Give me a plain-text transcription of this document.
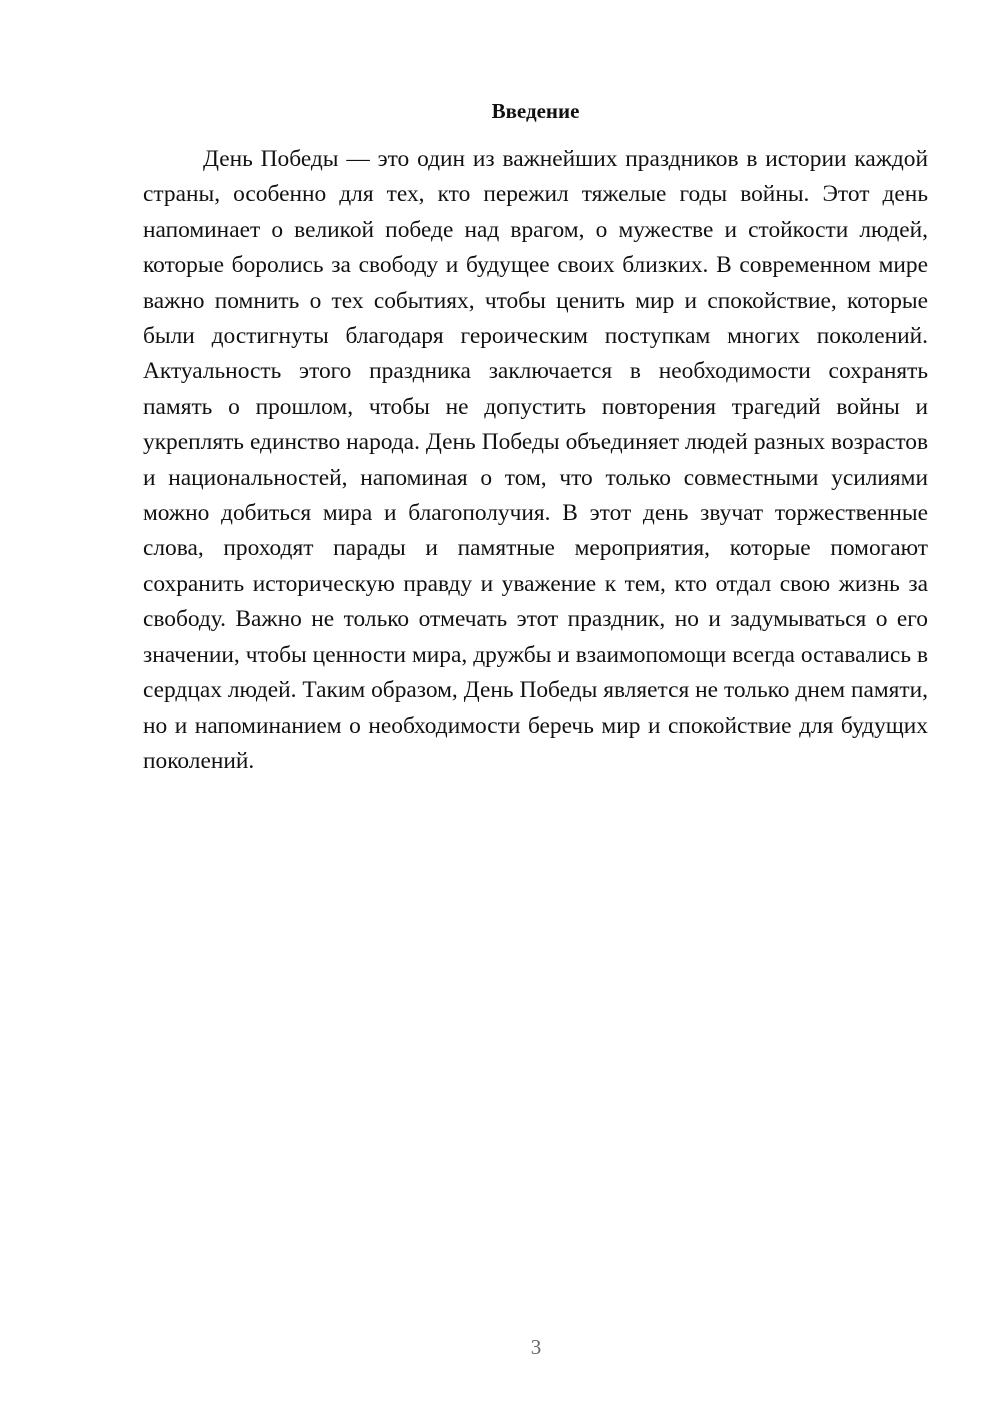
Введение

День Победы — это один из важнейших праздников в истории каждой страны, особенно для тех, кто пережил тяжелые годы войны. Этот день напоминает о великой победе над врагом, о мужестве и стойкости людей, которые боролись за свободу и будущее своих близких. В современном мире важно помнить о тех событиях, чтобы ценить мир и спокойствие, которые были достигнуты благодаря героическим поступкам многих поколений. Актуальность этого праздника заключается в необходимости сохранять память о прошлом, чтобы не допустить повторения трагедий войны и укреплять единство народа. День Победы объединяет людей разных возрастов и национальностей, напоминая о том, что только совместными усилиями можно добиться мира и благополучия. В этот день звучат торжественные слова, проходят парады и памятные мероприятия, которые помогают сохранить историческую правду и уважение к тем, кто отдал свою жизнь за свободу. Важно не только отмечать этот праздник, но и задумываться о его значении, чтобы ценности мира, дружбы и взаимопомощи всегда оставались в сердцах людей. Таким образом, День Победы является не только днем памяти, но и напоминанием о необходимости беречь мир и спокойствие для будущих поколений.

3
